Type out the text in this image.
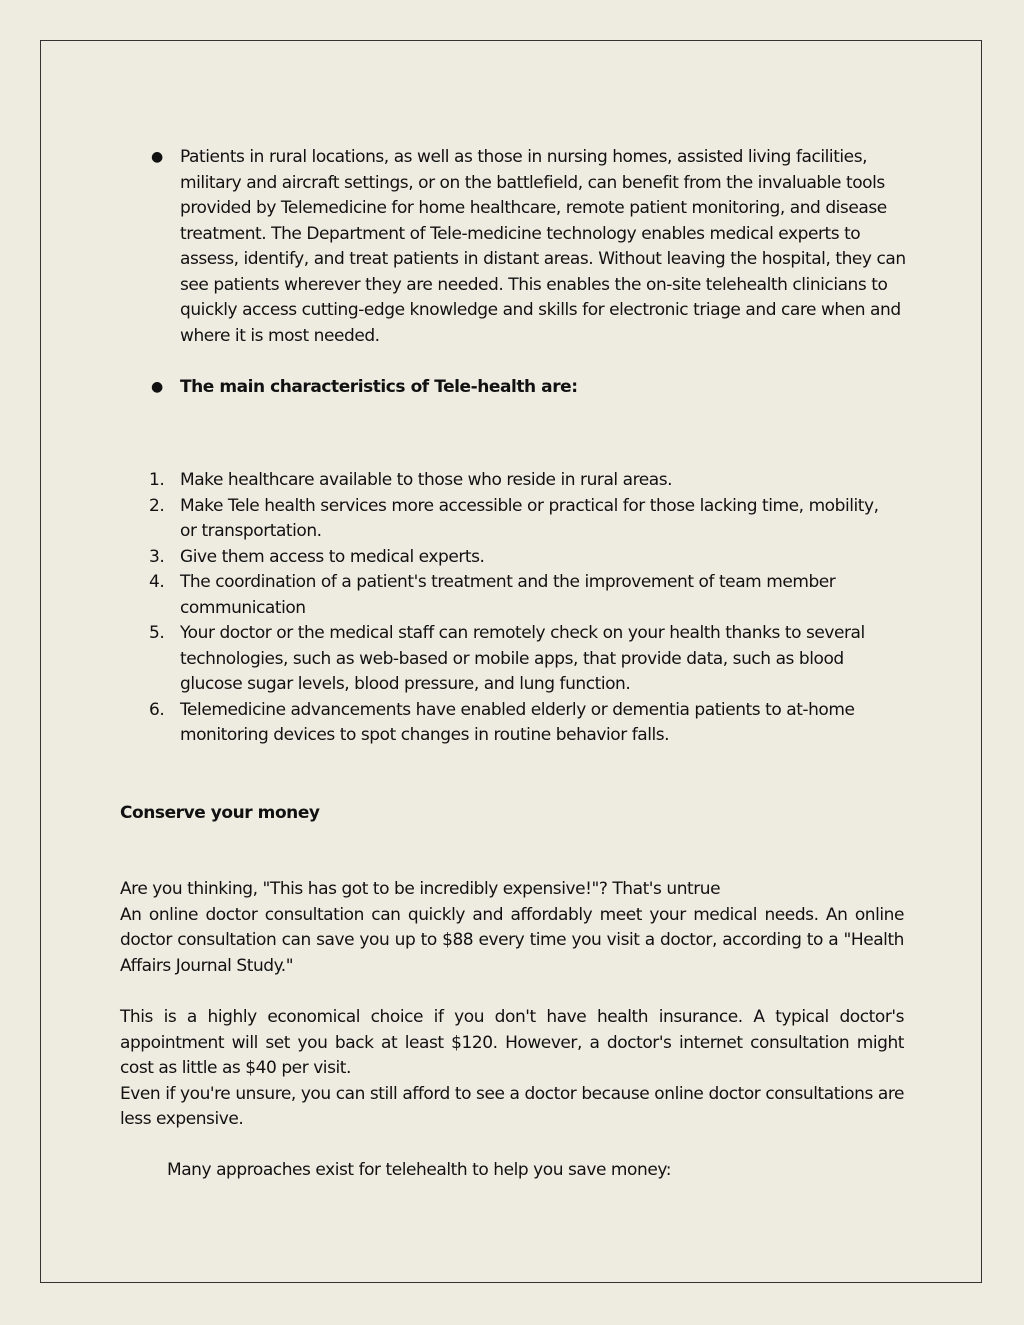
● Patients in rural locations, as well as those in nursing homes, assisted living facilities, military and aircraft settings, or on the battlefield, can benefit from the invaluable tools provided by Telemedicine for home healthcare, remote patient monitoring, and disease treatment. The Department of Tele-medicine technology enables medical experts to assess, identify, and treat patients in distant areas. Without leaving the hospital, they can see patients wherever they are needed. This enables the on-site telehealth clinicians to quickly access cutting-edge knowledge and skills for electronic triage and care when and where it is most needed.
● The main characteristics of Tele-health are:
1. Make healthcare available to those who reside in rural areas.
2. Make Tele health services more accessible or practical for those lacking time, mobility, or transportation.
3. Give them access to medical experts.
4. The coordination of a patient's treatment and the improvement of team member communication
5. Your doctor or the medical staff can remotely check on your health thanks to several technologies, such as web-based or mobile apps, that provide data, such as blood glucose sugar levels, blood pressure, and lung function.
6. Telemedicine advancements have enabled elderly or dementia patients to at-home monitoring devices to spot changes in routine behavior falls.
Conserve your money

Are you thinking, "This has got to be incredibly expensive!"? That's untrue

An online doctor consultation can quickly and affordably meet your medical needs. An online doctor consultation can save you up to $88 every time you visit a doctor, according to a "Health Affairs Journal Study."

This is a highly economical choice if you don't have health insurance. A typical doctor's appointment will set you back at least $120. However, a doctor's internet consultation might cost as little as $40 per visit.

Even if you're unsure, you can still afford to see a doctor because online doctor consultations are less expensive.

Many approaches exist for telehealth to help you save money:
